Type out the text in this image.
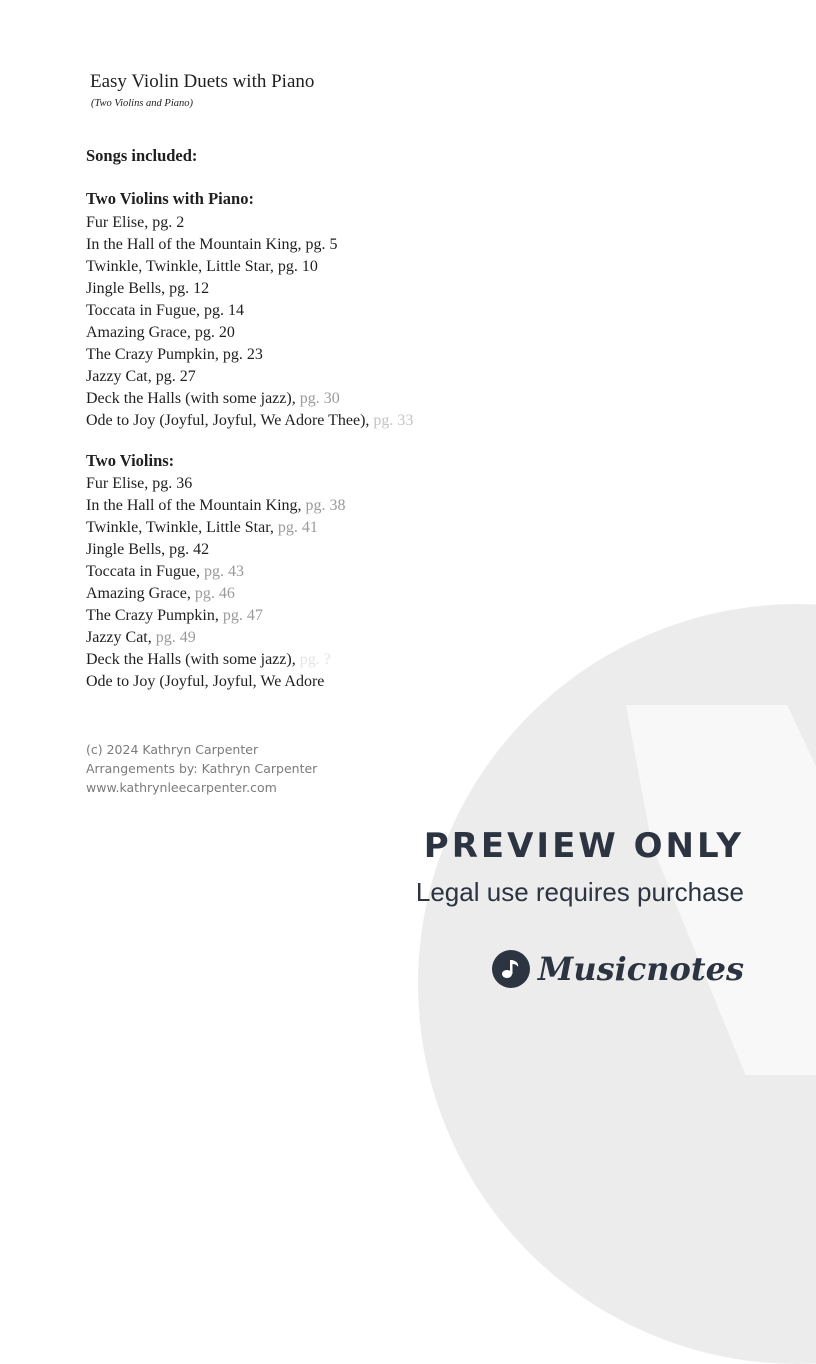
Easy Violin Duets with Piano
(Two Violins and Piano)
Songs included:
Two Violins with Piano:
Fur Elise, pg. 2
In the Hall of the Mountain King, pg. 5
Twinkle, Twinkle, Little Star, pg. 10
Jingle Bells, pg. 12
Toccata in Fugue, pg. 14
Amazing Grace, pg. 20
The Crazy Pumpkin, pg. 23
Jazzy Cat, pg. 27
Deck the Halls (with some jazz), pg. 30
Ode to Joy (Joyful, Joyful, We Adore Thee), pg. 33
Two Violins:
Fur Elise, pg. 36
In the Hall of the Mountain King, pg. 38
Twinkle, Twinkle, Little Star, pg. 41
Jingle Bells, pg. 42
Toccata in Fugue, pg. 43
Amazing Grace, pg. 46
The Crazy Pumpkin, pg. 47
Jazzy Cat, pg. 49
Deck the Halls (with some jazz), pg. ?
Ode to Joy (Joyful, Joyful, We Adore
(c) 2024 Kathryn Carpenter
Arrangements by: Kathryn Carpenter
www.kathrynleecarpenter.com
PREVIEW ONLY
Legal use requires purchase
Musicnotes
